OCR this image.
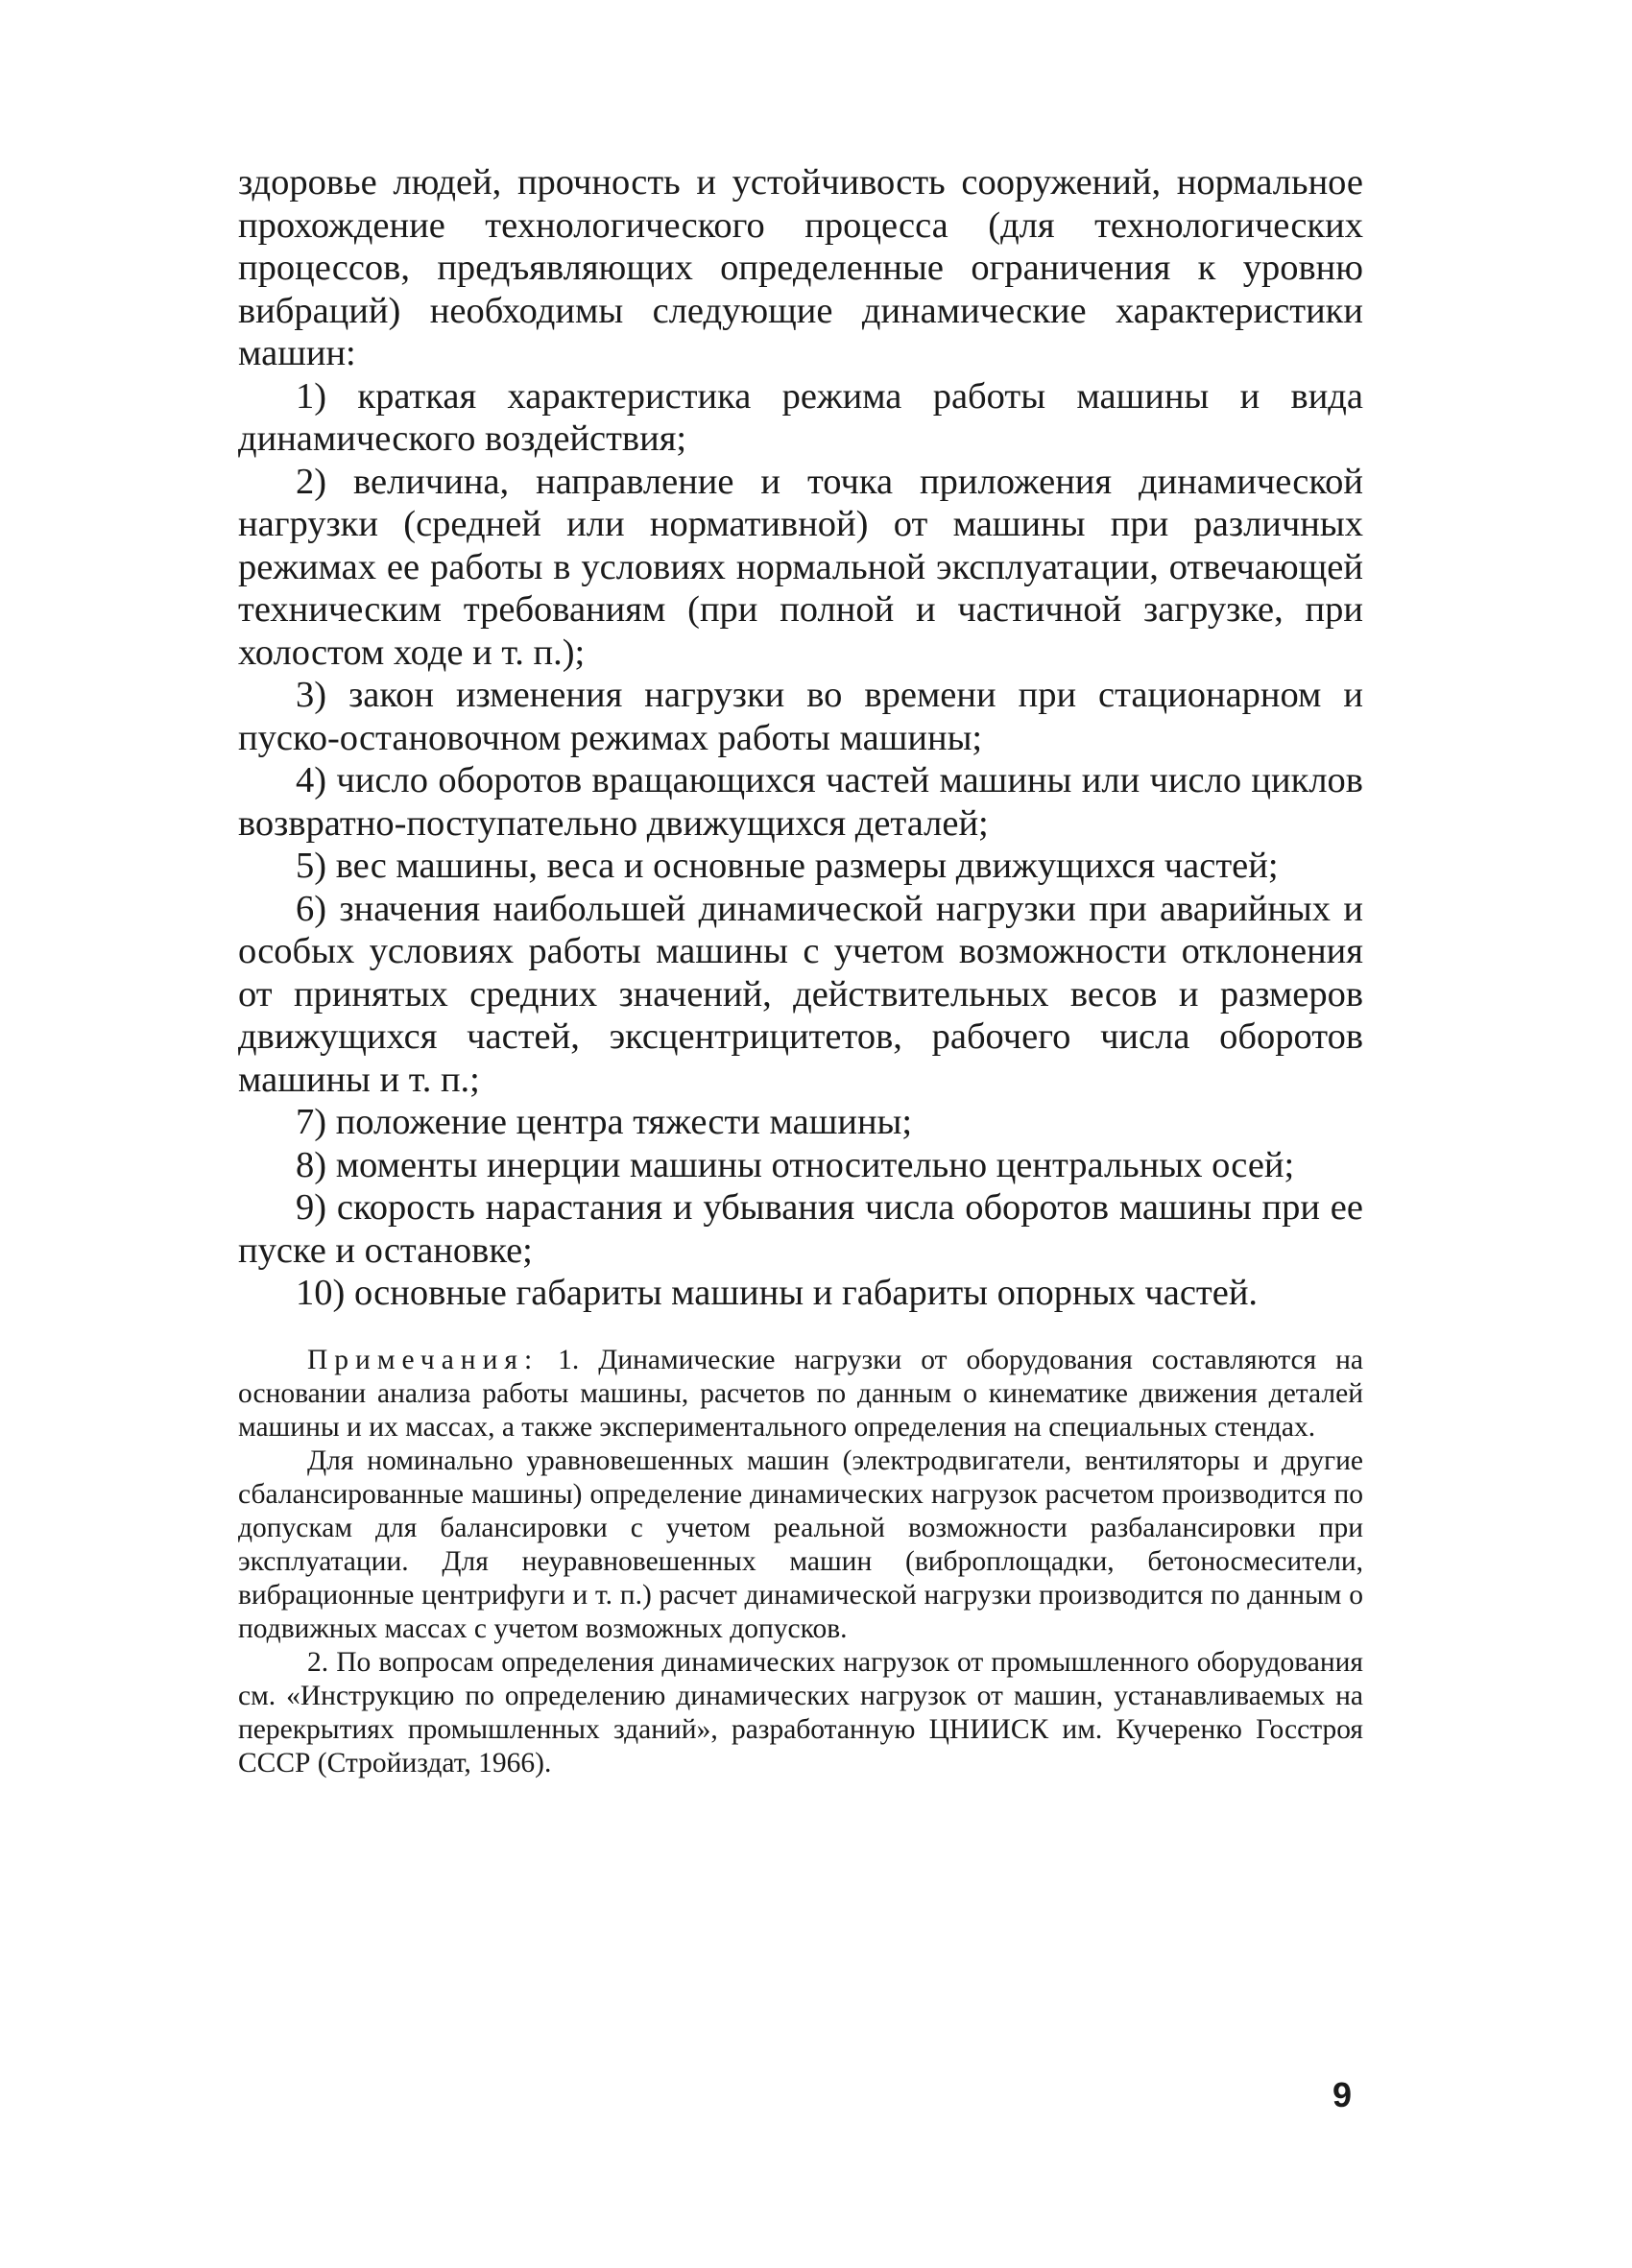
здоровье людей, прочность и устойчивость сооружений, нормальное прохождение технологического процесса (для технологических процессов, предъявляющих определенные ограничения к уровню вибраций) необходимы следующие динамические характеристики машин:

1) краткая характеристика режима работы машины и вида динамического воздействия;

2) величина, направление и точка приложения динамической нагрузки (средней или нормативной) от машины при различных режимах ее работы в условиях нормальной эксплуатации, отвечающей техническим требованиям (при полной и частичной загрузке, при холостом ходе и т. п.);

3) закон изменения нагрузки во времени при стационарном и пуско-остановочном режимах работы машины;

4) число оборотов вращающихся частей машины или число циклов возвратно-поступательно движущихся деталей;

5) вес машины, веса и основные размеры движущихся частей;

6) значения наибольшей динамической нагрузки при аварийных и особых условиях работы машины с учетом возможности отклонения от принятых средних значений, действительных весов и размеров движущихся частей, эксцентрицитетов, рабочего числа оборотов машины и т. п.;

7) положение центра тяжести машины;

8) моменты инерции машины относительно центральных осей;

9) скорость нарастания и убывания числа оборотов машины при ее пуске и остановке;

10) основные габариты машины и габариты опорных частей.

Примечания: 1. Динамические нагрузки от оборудования составляются на основании анализа работы машины, расчетов по данным о кинематике движения деталей машины и их массах, а также экспериментального определения на специальных стендах.

Для номинально уравновешенных машин (электродвигатели, вентиляторы и другие сбалансированные машины) определение динамических нагрузок расчетом производится по допускам для балансировки с учетом реальной возможности разбалансировки при эксплуатации. Для неуравновешенных машин (виброплощадки, бетоносмесители, вибрационные центрифуги и т. п.) расчет динамической нагрузки производится по данным о подвижных массах с учетом возможных допусков.

2. По вопросам определения динамических нагрузок от промышленного оборудования см. «Инструкцию по определению динамических нагрузок от машин, устанавливаемых на перекрытиях промышленных зданий», разработанную ЦНИИСК им. Кучеренко Госстроя СССР (Стройиздат, 1966).

9
